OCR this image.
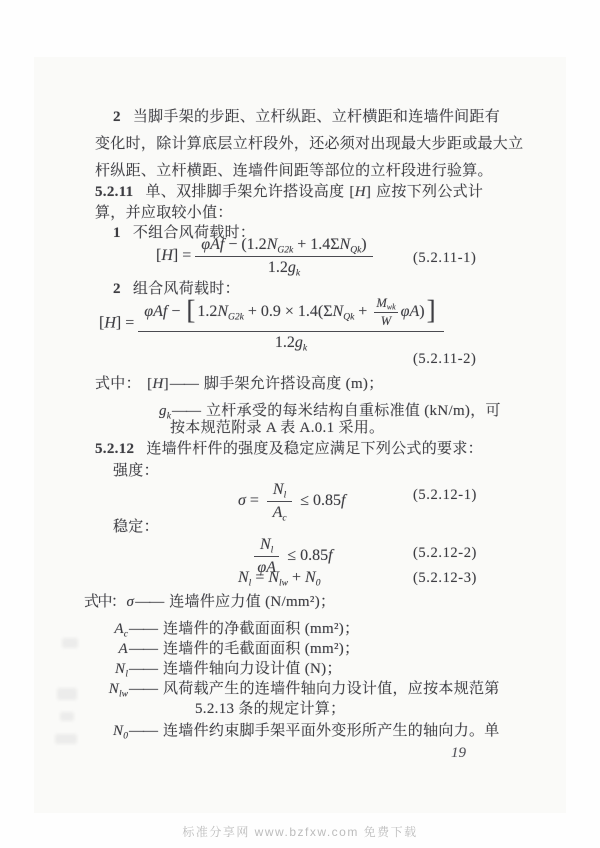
2 当脚手架的步距、立杆纵距、立杆横距和连墙件间距有
变化时，除计算底层立杆段外，还必须对出现最大步距或最大立
杆纵距、立杆横距、连墙件间距等部位的立杆段进行验算。
5.2.11 单、双排脚手架允许搭设高度 [H] 应按下列公式计
算，并应取较小值：
1 不组合风荷载时：
$[H] = \frac{\varphi Af - (1.2N_{G2k} + 1.4\Sigma N_{Qk})}{1.2g_k}$	(5.2.11-1)
2 组合风荷载时：
[H] = φAf − [ $1.2N_{G2k} + 0.9 \times 1.4(\Sigma N_{Qk}$ +
$M_{wk}$
W
φA)]
$1.2g_k$
(5.2.11-2)
式中： [H]—— 脚手架允许搭设高度 (m)；
$g_k——$ 立杆承受的每米结构自重标准值 (kN/m)，可
按本规范附录 A 表 A.0.1 采用。
5.2.12 连墙件杆件的强度及稳定应满足下列公式的要求：
强度：
$\sigma = \frac{N_l}{A_c} \le 0.85f$	(5.2.12-1)
稳定：
$\frac{N_l}{\varphi A} \le 0.85f$	(5.2.12-2)
$N_l = N_{lw} + N_0$	(5.2.12-3)
式中： σ—— 连墙件应力值 (N/mm²)；
$A_c——$ 连墙件的净截面面积 (mm²)；
A—— 连墙件的毛截面面积 (mm²)；
$N_l——$ 连墙件轴向力设计值 (N)；
$N_{lw}——$ 风荷载产生的连墙件轴向力设计值，应按本规范第
5.2.13 条的规定计算；
$N_0——$ 连墙件约束脚手架平面外变形所产生的轴向力。单
19
标准分享网 www.bzfxw.com 免费下载
